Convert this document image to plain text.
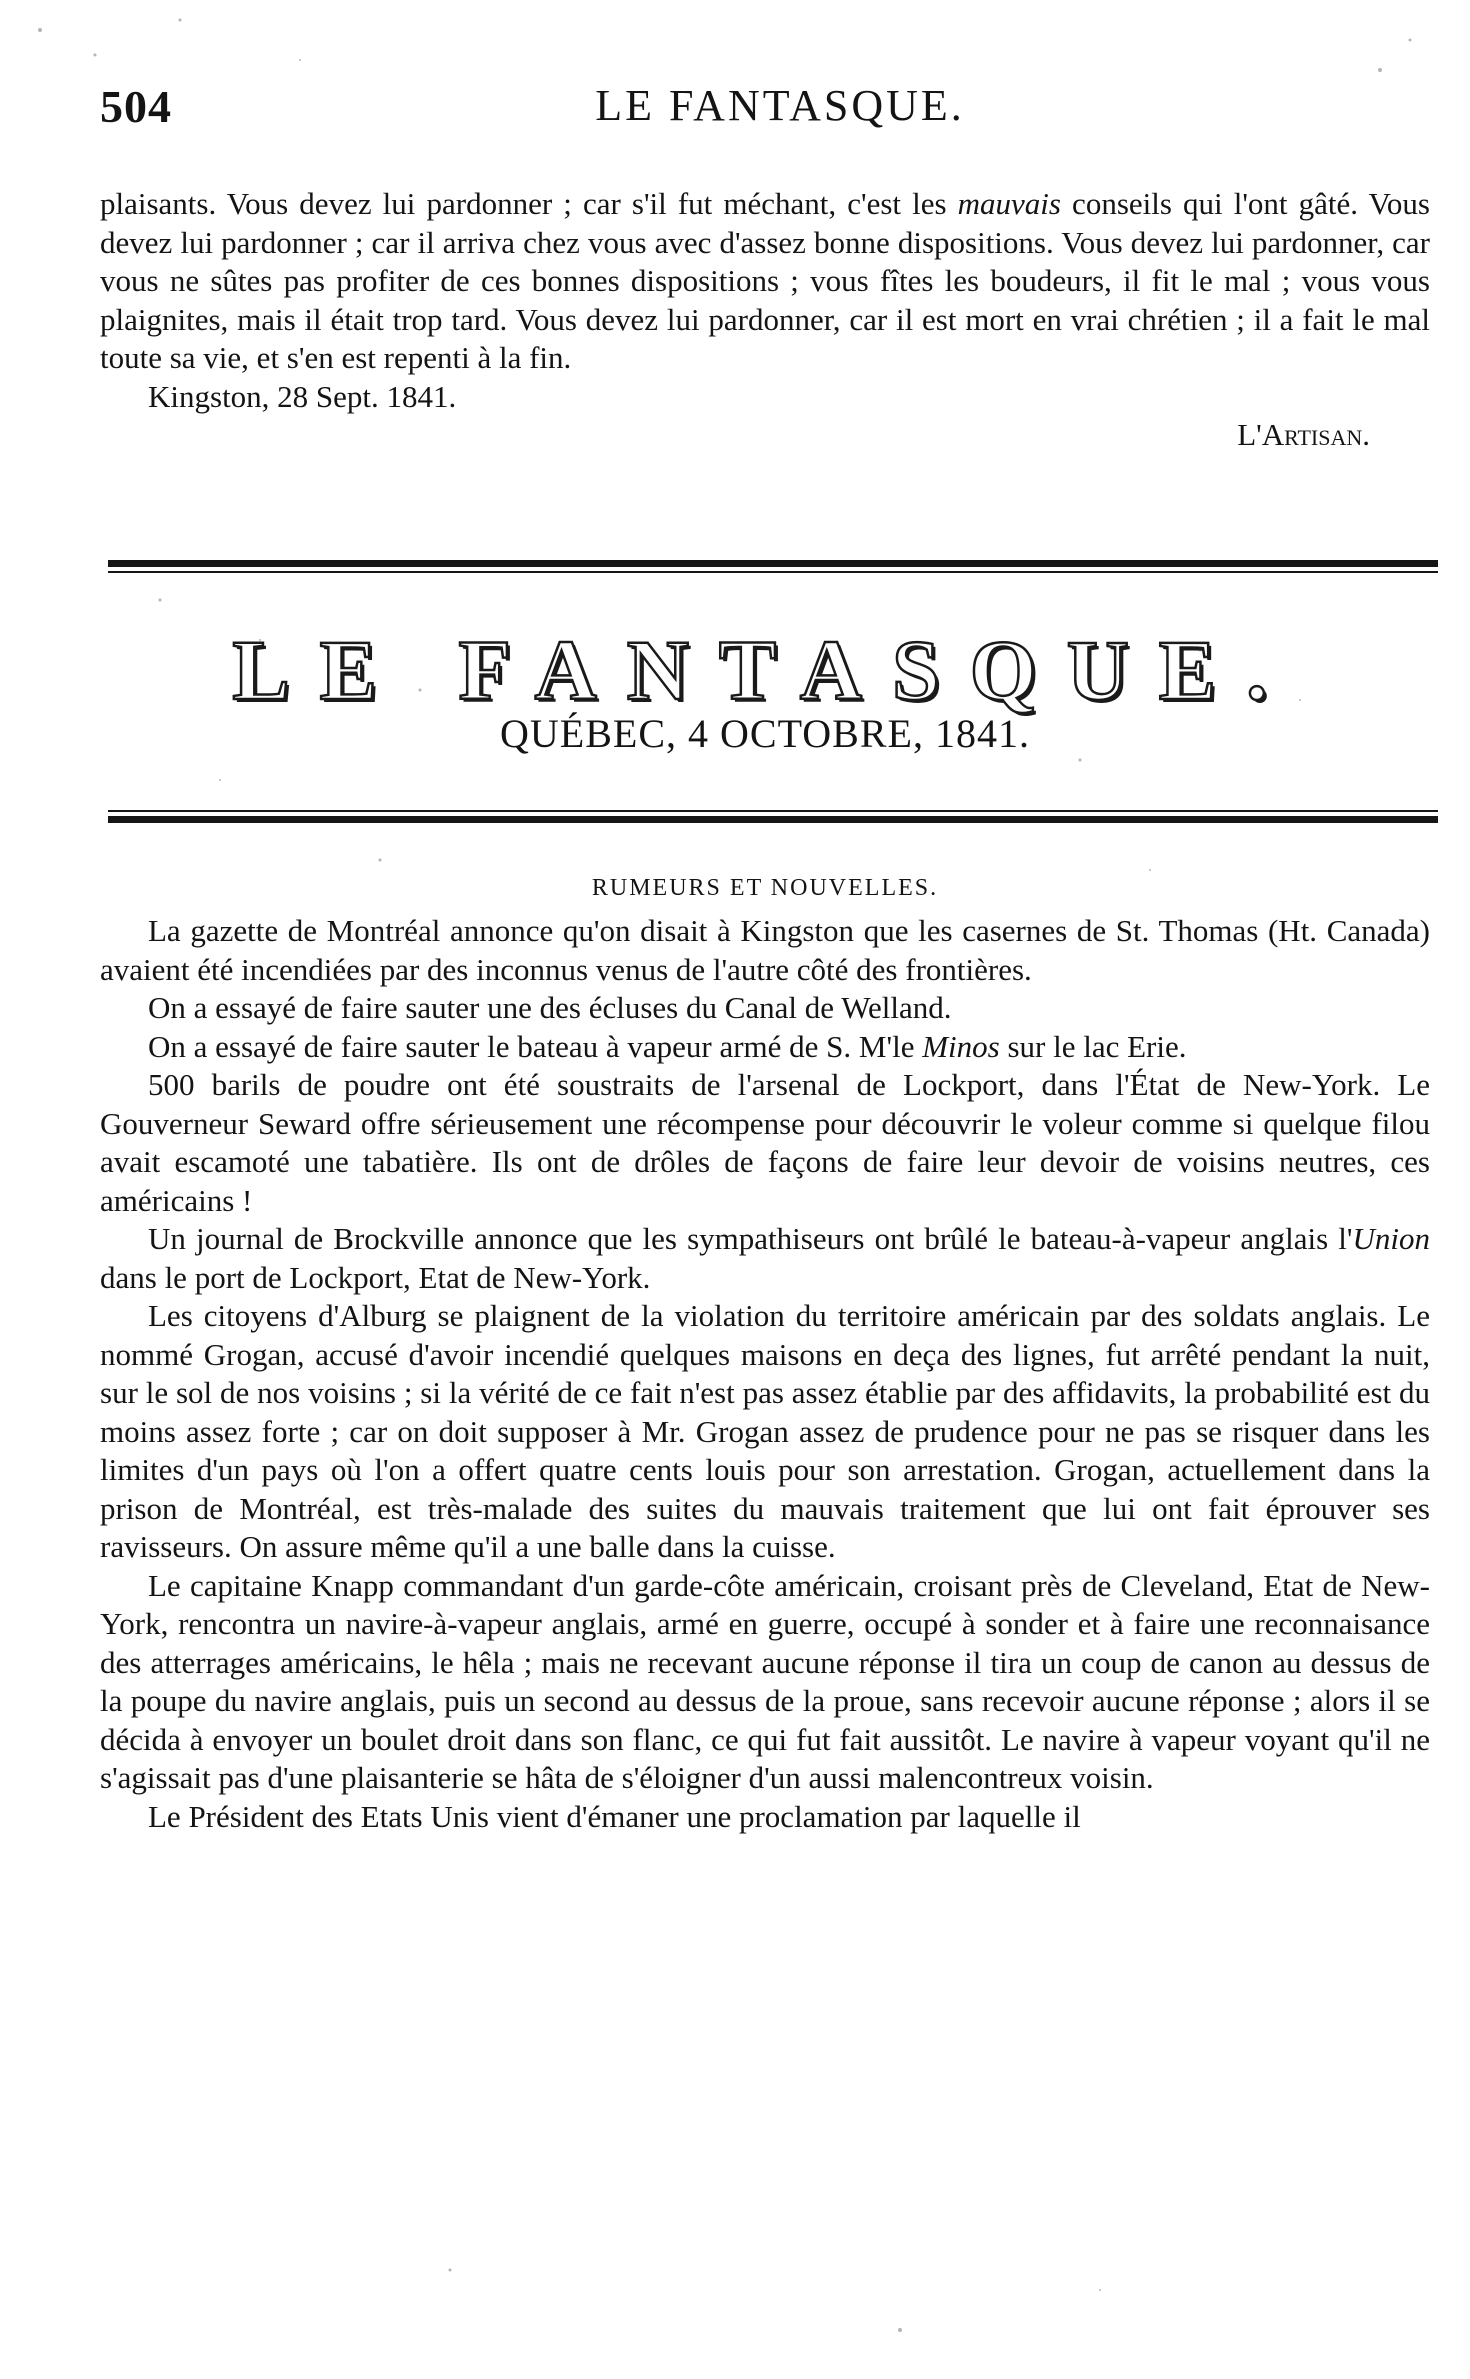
504	LE FANTASQUE.

plaisants. Vous devez lui pardonner ; car s'il fut méchant, c'est les mauvais conseils qui l'ont gâté. Vous devez lui pardonner ; car il arriva chez vous avec d'assez bonne dispositions. Vous devez lui pardonner, car vous ne sûtes pas profiter de ces bonnes dispositions ; vous fîtes les boudeurs, il fit le mal ; vous vous plaignites, mais il était trop tard. Vous devez lui pardonner, car il est mort en vrai chrétien ; il a fait le mal toute sa vie, et s'en est repenti à la fin.

Kingston, 28 Sept. 1841.

L'Artisan.

LE FANTASQUE.
QUÉBEC, 4 OCTOBRE, 1841.
RUMEURS ET NOUVELLES.

La gazette de Montréal annonce qu'on disait à Kingston que les casernes de St. Thomas (Ht. Canada) avaient été incendiées par des inconnus venus de l'autre côté des frontières.

On a essayé de faire sauter une des écluses du Canal de Welland.

On a essayé de faire sauter le bateau à vapeur armé de S. M'le Minos sur le lac Erie.

500 barils de poudre ont été soustraits de l'arsenal de Lockport, dans l'État de New-York. Le Gouverneur Seward offre sérieusement une récompense pour découvrir le voleur comme si quelque filou avait escamoté une tabatière. Ils ont de drôles de façons de faire leur devoir de voisins neutres, ces américains !

Un journal de Brockville annonce que les sympathiseurs ont brûlé le bateau-à-vapeur anglais l'Union dans le port de Lockport, Etat de New-York.

Les citoyens d'Alburg se plaignent de la violation du territoire américain par des soldats anglais. Le nommé Grogan, accusé d'avoir incendié quelques maisons en deça des lignes, fut arrêté pendant la nuit, sur le sol de nos voisins ; si la vérité de ce fait n'est pas assez établie par des affidavits, la probabilité est du moins assez forte ; car on doit supposer à Mr. Grogan assez de prudence pour ne pas se risquer dans les limites d'un pays où l'on a offert quatre cents louis pour son arrestation. Grogan, actuellement dans la prison de Montréal, est très-malade des suites du mauvais traitement que lui ont fait éprouver ses ravisseurs. On assure même qu'il a une balle dans la cuisse.

Le capitaine Knapp commandant d'un garde-côte américain, croisant près de Cleveland, Etat de New-York, rencontra un navire-à-vapeur anglais, armé en guerre, occupé à sonder et à faire une reconnaisance des atterrages américains, le hêla ; mais ne recevant aucune réponse il tira un coup de canon au dessus de la poupe du navire anglais, puis un second au dessus de la proue, sans recevoir aucune réponse ; alors il se décida à envoyer un boulet droit dans son flanc, ce qui fut fait aussitôt. Le navire à vapeur voyant qu'il ne s'agissait pas d'une plaisanterie se hâta de s'éloigner d'un aussi malencontreux voisin.

Le Président des Etats Unis vient d'émaner une proclamation par laquelle il
